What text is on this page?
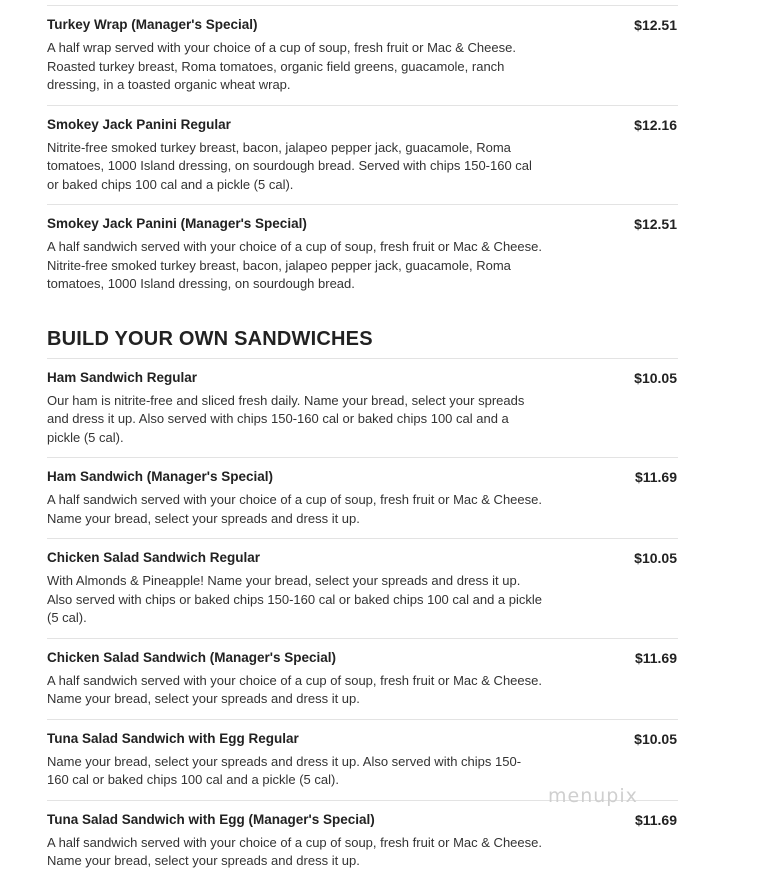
Turkey Wrap (Manager's Special)	$12.51
A half wrap served with your choice of a cup of soup, fresh fruit or Mac & Cheese. Roasted turkey breast, Roma tomatoes, organic field greens, guacamole, ranch dressing, in a toasted organic wheat wrap.
Smokey Jack Panini Regular	$12.16
Nitrite-free smoked turkey breast, bacon, jalapeo pepper jack, guacamole, Roma tomatoes, 1000 Island dressing, on sourdough bread. Served with chips 150-160 cal or baked chips 100 cal and a pickle (5 cal).
Smokey Jack Panini (Manager's Special)	$12.51
A half sandwich served with your choice of a cup of soup, fresh fruit or Mac & Cheese. Nitrite-free smoked turkey breast, bacon, jalapeo pepper jack, guacamole, Roma tomatoes, 1000 Island dressing, on sourdough bread.
BUILD YOUR OWN SANDWICHES
Ham Sandwich Regular	$10.05
Our ham is nitrite-free and sliced fresh daily. Name your bread, select your spreads and dress it up. Also served with chips 150-160 cal or baked chips 100 cal and a pickle (5 cal).
Ham Sandwich (Manager's Special)	$11.69
A half sandwich served with your choice of a cup of soup, fresh fruit or Mac & Cheese. Name your bread, select your spreads and dress it up.
Chicken Salad Sandwich Regular	$10.05
With Almonds & Pineapple! Name your bread, select your spreads and dress it up. Also served with chips or baked chips 150-160 cal or baked chips 100 cal and a pickle (5 cal).
Chicken Salad Sandwich (Manager's Special)	$11.69
A half sandwich served with your choice of a cup of soup, fresh fruit or Mac & Cheese. Name your bread, select your spreads and dress it up.
Tuna Salad Sandwich with Egg Regular	$10.05
Name your bread, select your spreads and dress it up. Also served with chips 150-160 cal or baked chips 100 cal and a pickle (5 cal).
Tuna Salad Sandwich with Egg (Manager's Special)	$11.69
A half sandwich served with your choice of a cup of soup, fresh fruit or Mac & Cheese. Name your bread, select your spreads and dress it up.
menupix
